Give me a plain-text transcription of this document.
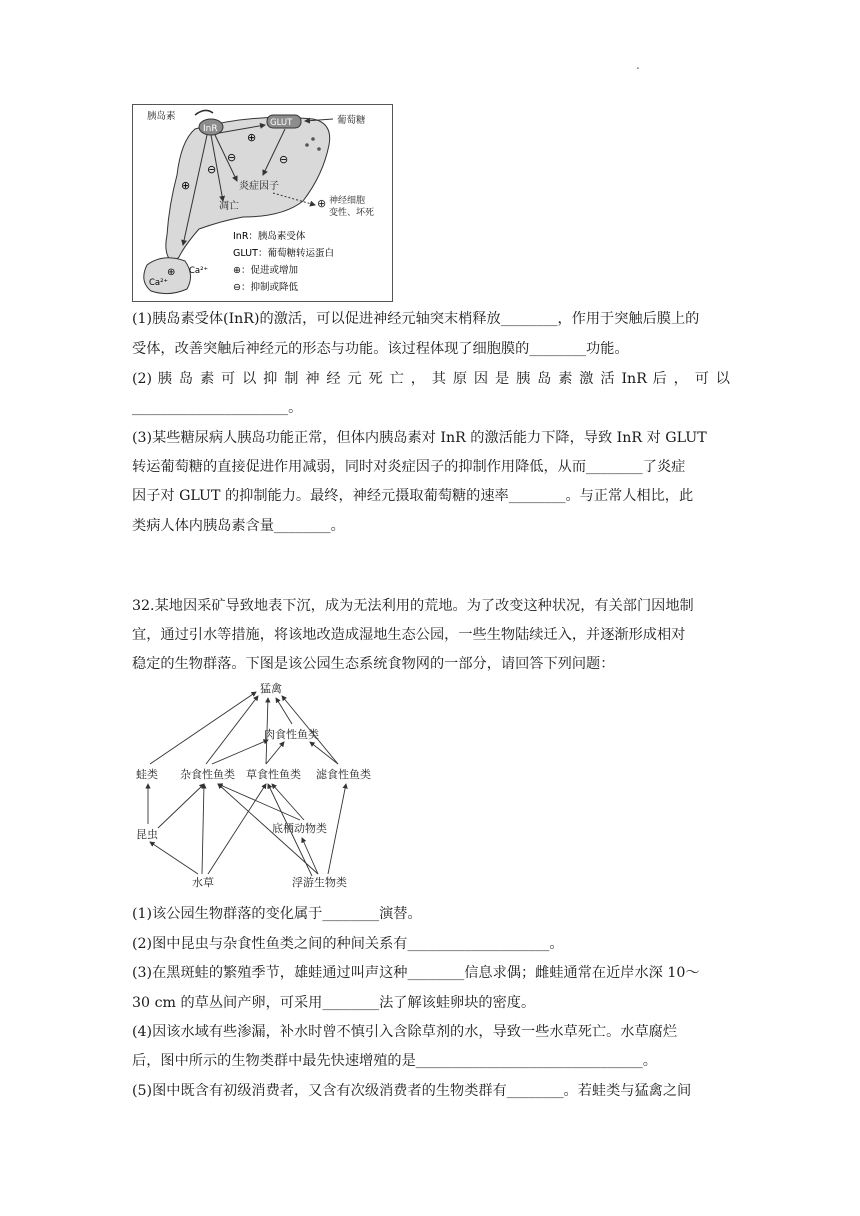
.
InR
GLUT
胰岛素	葡萄糖
炎症因子
凋亡	⊕ 神经细胞
变性、坏死
⊕
⊖
⊖
⊖
⊕
Ca²⁺
Ca²⁺
⊕
InR：胰岛素受体
GLUT：葡萄糖转运蛋白
⊕：促进或增加
⊖：抑制或降低
(1)胰岛素受体(InR)的激活，可以促进神经元轴突末梢释放________，作用于突触后膜上的
受体，改善突触后神经元的形态与功能。该过程体现了细胞膜的________功能。
(2) 胰 岛 素 可 以 抑 制 神 经 元 死 亡 ， 其 原 因 是 胰 岛 素 激 活 InR 后 ， 可 以
______________________。
(3)某些糖尿病人胰岛功能正常，但体内胰岛素对 InR 的激活能力下降，导致 InR 对 GLUT
转运葡萄糖的直接促进作用减弱，同时对炎症因子的抑制作用降低，从而________了炎症
因子对 GLUT 的抑制能力。最终，神经元摄取葡萄糖的速率________。与正常人相比，此
类病人体内胰岛素含量________。
32.某地因采矿导致地表下沉，成为无法利用的荒地。为了改变这种状况，有关部门因地制
宜，通过引水等措施，将该地改造成湿地生态公园，一些生物陆续迁入，并逐渐形成相对
稳定的生物群落。下图是该公园生态系统食物网的一部分，请回答下列问题：
猛禽
肉食性鱼类
蛙类 杂食性鱼类 草食性鱼类 滤食性鱼类
昆虫	底栖动物类
水草	浮游生物类
(1)该公园生物群落的变化属于________演替。
(2)图中昆虫与杂食性鱼类之间的种间关系有____________________。
(3)在黑斑蛙的繁殖季节，雄蛙通过叫声这种________信息求偶；雌蛙通常在近岸水深 10～
30 cm 的草丛间产卵，可采用________法了解该蛙卵块的密度。
(4)因该水域有些渗漏，补水时曾不慎引入含除草剂的水，导致一些水草死亡。水草腐烂
后，图中所示的生物类群中最先快速增殖的是________________________________。
(5)图中既含有初级消费者，又含有次级消费者的生物类群有________。若蛙类与猛禽之间
